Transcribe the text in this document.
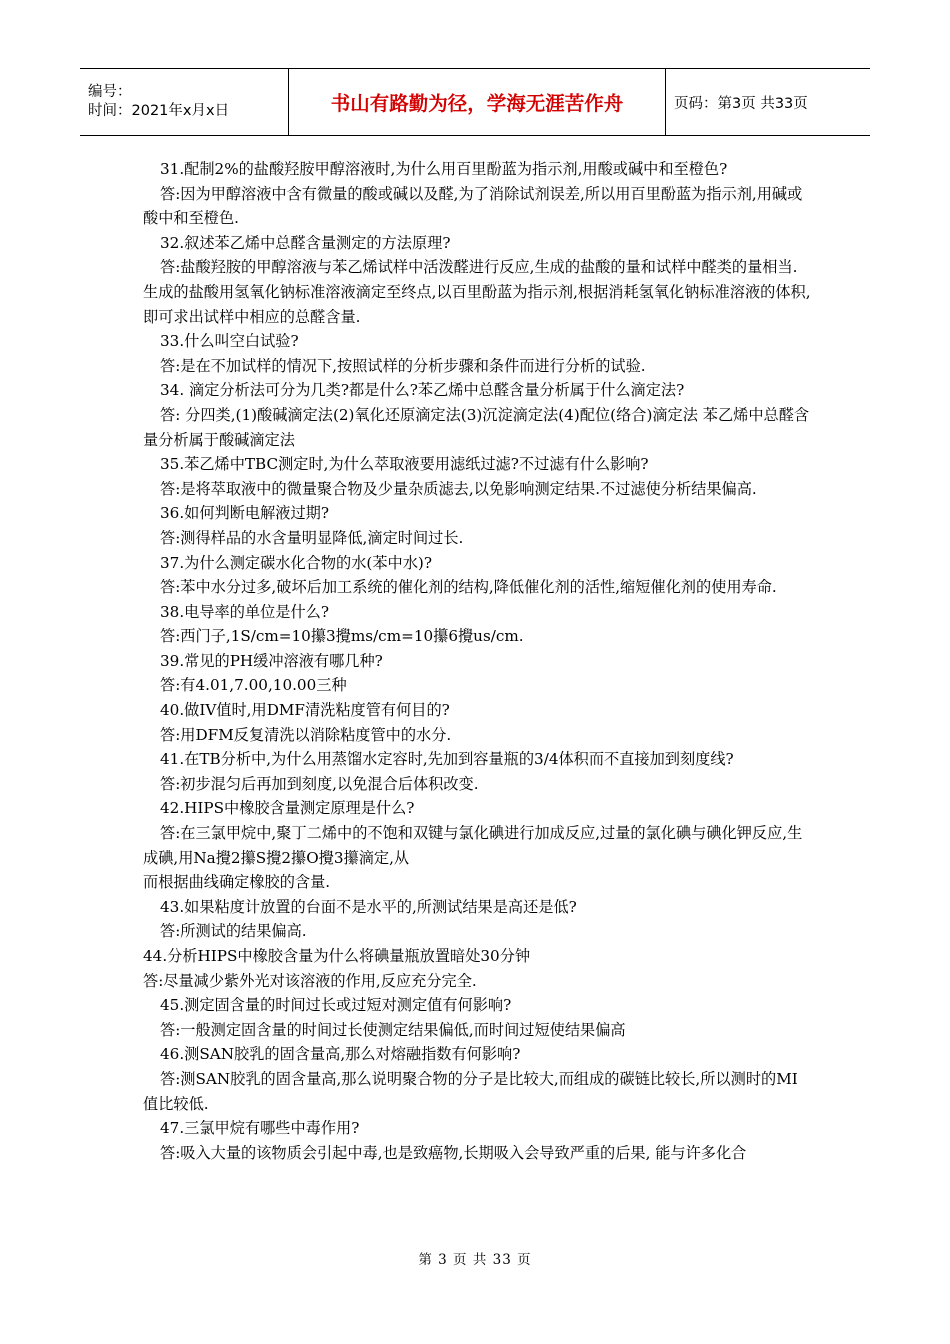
编号：
时间：2021年x月x日	书山有路勤为径，学海无涯苦作舟	页码：第3页 共33页

31.配制2%的盐酸羟胺甲醇溶液时,为什么用百里酚蓝为指示剂,用酸或碱中和至橙色?

答:因为甲醇溶液中含有微量的酸或碱以及醛,为了消除试剂误差,所以用百里酚蓝为指示剂,用碱或酸中和至橙色.

32.叙述苯乙烯中总醛含量测定的方法原理?

答:盐酸羟胺的甲醇溶液与苯乙烯试样中活泼醛进行反应,生成的盐酸的量和试样中醛类的量相当. 生成的盐酸用氢氧化钠标准溶液滴定至终点,以百里酚蓝为指示剂,根据消耗氢氧化钠标准溶液的体积,即可求出试样中相应的总醛含量.

33.什么叫空白试验?

答:是在不加试样的情况下,按照试样的分析步骤和条件而进行分析的试验.

34. 滴定分析法可分为几类?都是什么?苯乙烯中总醛含量分析属于什么滴定法?

答: 分四类,(1)酸碱滴定法(2)氧化还原滴定法(3)沉淀滴定法(4)配位(络合)滴定法 苯乙烯中总醛含量分析属于酸碱滴定法

35.苯乙烯中TBC测定时,为什么萃取液要用滤纸过滤?不过滤有什么影响?

答:是将萃取液中的微量聚合物及少量杂质滤去,以免影响测定结果.不过滤使分析结果偏高.

36.如何判断电解液过期?

答:测得样品的水含量明显降低,滴定时间过长.

37.为什么测定碳水化合物的水(苯中水)?

答:苯中水分过多,破坏后加工系统的催化剂的结构,降低催化剂的活性,缩短催化剂的使用寿命.

38.电导率的单位是什么?

答:西门子,1S/cm=10攥3攪ms/cm=10攥6攪us/cm.

39.常见的PH缓冲溶液有哪几种?

答:有4.01,7.00,10.00三种

40.做IV值时,用DMF清洗粘度管有何目的?

答:用DFM反复清洗以消除粘度管中的水分.

41.在TB分析中,为什么用蒸馏水定容时,先加到容量瓶的3/4体积而不直接加到刻度线?

答:初步混匀后再加到刻度,以免混合后体积改变.

42.HIPS中橡胶含量测定原理是什么?

答:在三氯甲烷中,聚丁二烯中的不饱和双键与氯化碘进行加成反应,过量的氯化碘与碘化钾反应,生成碘,用Na攪2攥S攪2攥O攪3攥滴定,从

而根据曲线确定橡胶的含量.

43.如果粘度计放置的台面不是水平的,所测试结果是高还是低?

答:所测试的结果偏高.

44.分析HIPS中橡胶含量为什么将碘量瓶放置暗处30分钟

答:尽量减少紫外光对该溶液的作用,反应充分完全.

45.测定固含量的时间过长或过短对测定值有何影响?

答:一般测定固含量的时间过长使测定结果偏低,而时间过短使结果偏高

46.测SAN胶乳的固含量高,那么对熔融指数有何影响?

答:测SAN胶乳的固含量高,那么说明聚合物的分子是比较大,而组成的碳链比较长,所以测时的MI值比较低.

47.三氯甲烷有哪些中毒作用?

答:吸入大量的该物质会引起中毒,也是致癌物,长期吸入会导致严重的后果, 能与许多化合

第 3 页 共 33 页
